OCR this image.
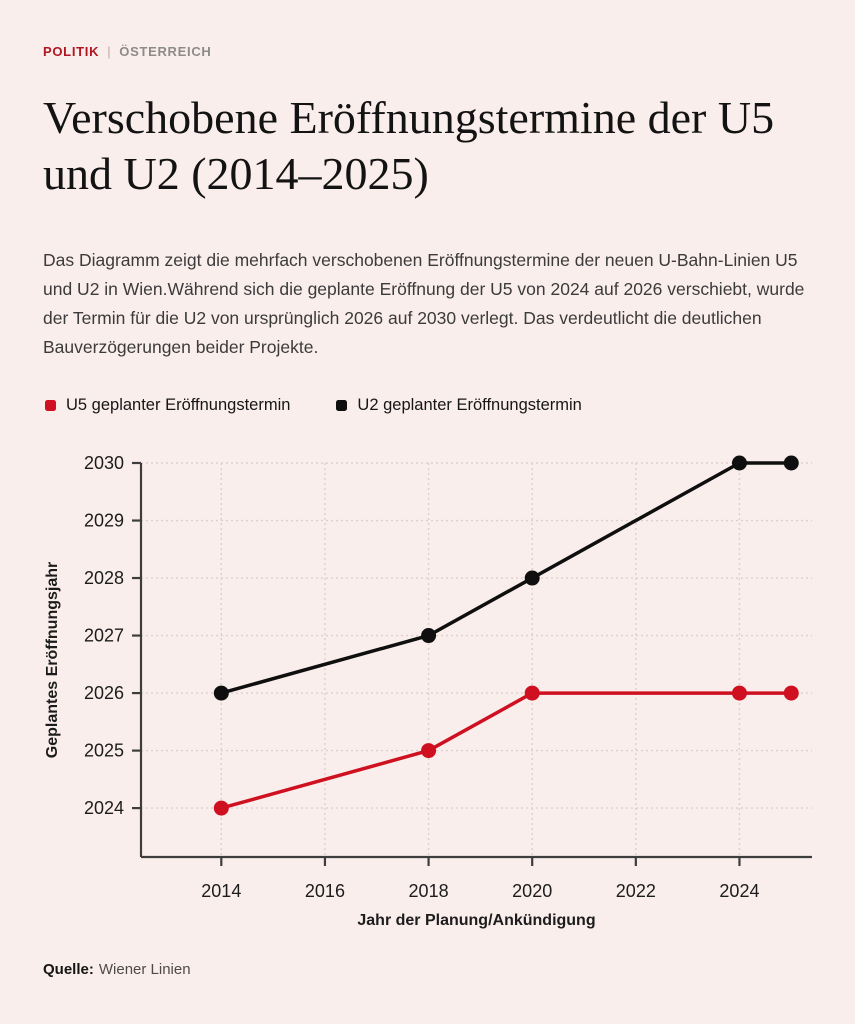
POLITIK | ÖSTERREICH
Verschobene Eröffnungstermine der U5 und U2 (2014–2025)

Das Diagramm zeigt die mehrfach verschobenen Eröffnungstermine der neuen U-Bahn-Linien U5 und U2 in Wien.Während sich die geplante Eröffnung der U5 von 2024 auf 2026 verschiebt, wurde der Termin für die U2 von ursprünglich 2026 auf 2030 verlegt. Das verdeutlicht die deutlichen Bauverzögerungen beider Projekte.

U5 geplanter Eröffnungstermin	U2 geplanter Eröffnungstermin
2024
2025
2026
2027
2028
2029
2030
2014	2016	2018	2020	2022	2024
Jahr der Planung/Ankündigung
Geplantes Eröffnungsjahr
Quelle: Wiener Linien
